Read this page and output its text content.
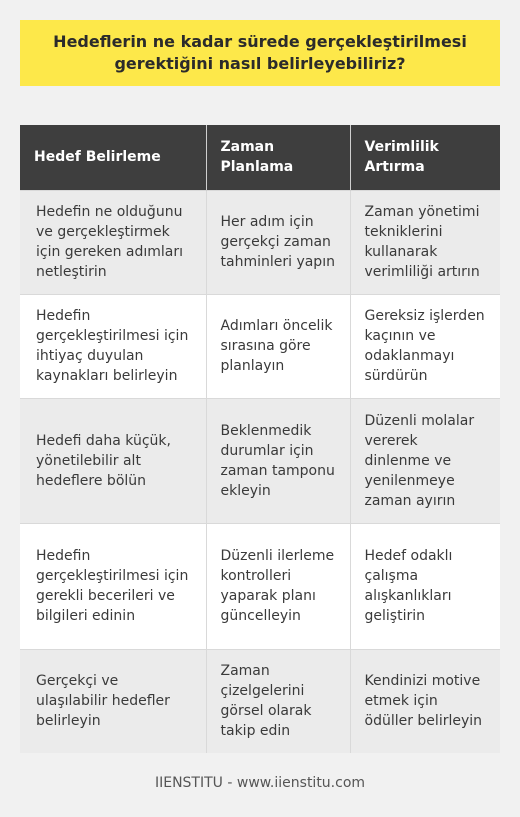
Hedeflerin ne kadar sürede gerçekleştirilmesi gerektiğini nasıl belirleyebiliriz?
Hedef Belirleme	Zaman Planlama	Verimlilik Artırma
Hedefin ne olduğunu ve gerçekleştirmek için gereken adımları netleştirin	Her adım için gerçekçi zaman tahminleri yapın	Zaman yönetimi tekniklerini kullanarak verimliliği artırın
Hedefin gerçekleştirilmesi için ihtiyaç duyulan kaynakları belirleyin	Adımları öncelik sırasına göre planlayın	Gereksiz işlerden kaçının ve odaklanmayı sürdürün
Hedefi daha küçük, yönetilebilir alt hedeflere bölün	Beklenmedik durumlar için zaman tamponu ekleyin	Düzenli molalar vererek dinlenme ve yenilenmeye zaman ayırın
Hedefin gerçekleştirilmesi için gerekli becerileri ve bilgileri edinin	Düzenli ilerleme kontrolleri yaparak planı güncelleyin	Hedef odaklı çalışma alışkanlıkları geliştirin
Gerçekçi ve ulaşılabilir hedefler belirleyin	Zaman çizelgelerini görsel olarak takip edin	Kendinizi motive etmek için ödüller belirleyin
IIENSTITU - www.iienstitu.com
